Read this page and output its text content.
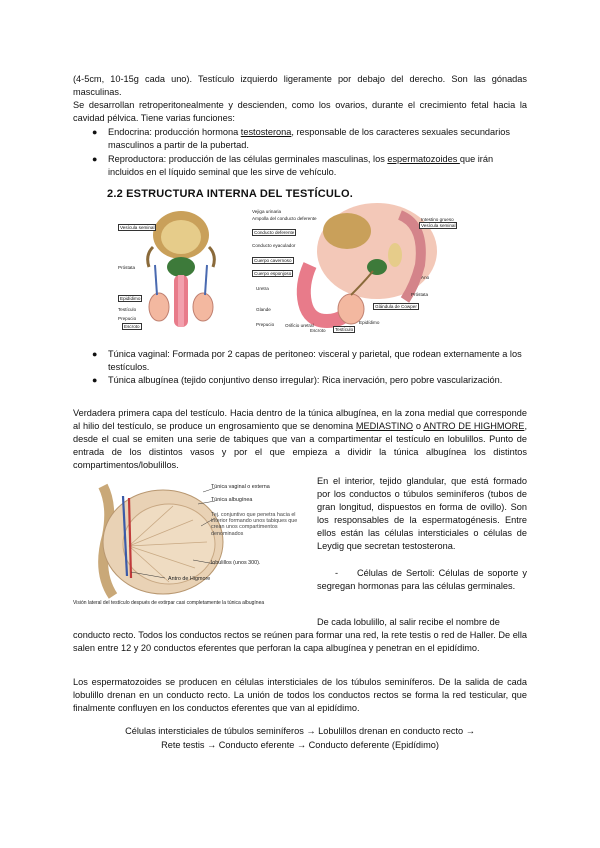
(4-5cm, 10-15g cada uno). Testículo izquierdo ligeramente por debajo del derecho. Son las gónadas masculinas.

Se desarrollan retroperitonealmente y descienden, como los ovarios, durante el crecimiento fetal hacia la cavidad pélvica. Tiene varias funciones:

● Endocrina: producción hormona testosterona, responsable de los caracteres sexuales secundarios masculinos a partir de la pubertad.
● Reproductora: producción de las células germinales masculinas, los espermatozoides que irán incluidos en el líquido seminal que les sirve de vehículo.
2.2 ESTRUCTURA INTERNA DEL TESTÍCULO.
Vesícula seminal
Próstata
Epidídimo
Testículo
Prepucio
Escroto
Vejiga urinaria
Ampolla del conducto deferente
Conducto deferente
Conducto eyaculador
Cuerpo cavernoso
Cuerpo esponjoso
Uretra
Glande
Prepucio Orificio uretral
Escroto
Intestino grueso
Vesícula seminal
Ano
Próstata
Glándula de Cowper
Epidídimo
Testículo
● Túnica vaginal: Formada por 2 capas de peritoneo: visceral y parietal, que rodean externamente a los testículos.
● Túnica albugínea (tejido conjuntivo denso irregular): Rica inervación, pero pobre vascularización.

Verdadera primera capa del testículo. Hacia dentro de la túnica albugínea, en la zona medial que corresponde al hilio del testículo, se produce un engrosamiento que se denomina MEDIASTINO o ANTRO DE HIGHMORE, desde el cual se emiten una serie de tabiques que van a compartimentar el testículo en lobulillos. Punto de entrada de los distintos vasos y por el que empieza a dividir la túnica albugínea los distintos compartimentos/lobulillos.

Túnica vaginal o externa
Túnica albugínea
Tej. conjuntivo que penetra hacia el interior formando unos tabiques que crean unos compartimentos denominados
lobulillos (unos 300).
Antro de Higmore
Visión lateral del testículo después de extirpar casi completamente la túnica albugínea

En el interior, tejido glandular, que está formado por los conductos o túbulos seminíferos (tubos de gran longitud, dispuestos en forma de ovillo). Son los responsables de la espermatogénesis. Entre ellos están las células intersticiales o células de Leydig que secretan testosterona.

-	Células de Sertoli: Células de soporte y segregan hormonas para las células germinales.

De cada lobulillo, al salir recibe el nombre de

conducto recto. Todos los conductos rectos se reúnen para formar una red, la rete testis o red de Haller. De ella salen entre 12 y 20 conductos eferentes que perforan la capa albugínea y penetran en el epidídimo.

Los espermatozoides se producen en células intersticiales de los túbulos seminíferos. De la salida de cada lobulillo drenan en un conducto recto. La unión de todos los conductos rectos se forma la red testicular, que finalmente confluyen en los conductos eferentes que van al epidídimo.

Células intersticiales de túbulos seminíferos → Lobulillos drenan en conducto recto →
Rete testis → Conducto eferente → Conducto deferente (Epidídimo)
